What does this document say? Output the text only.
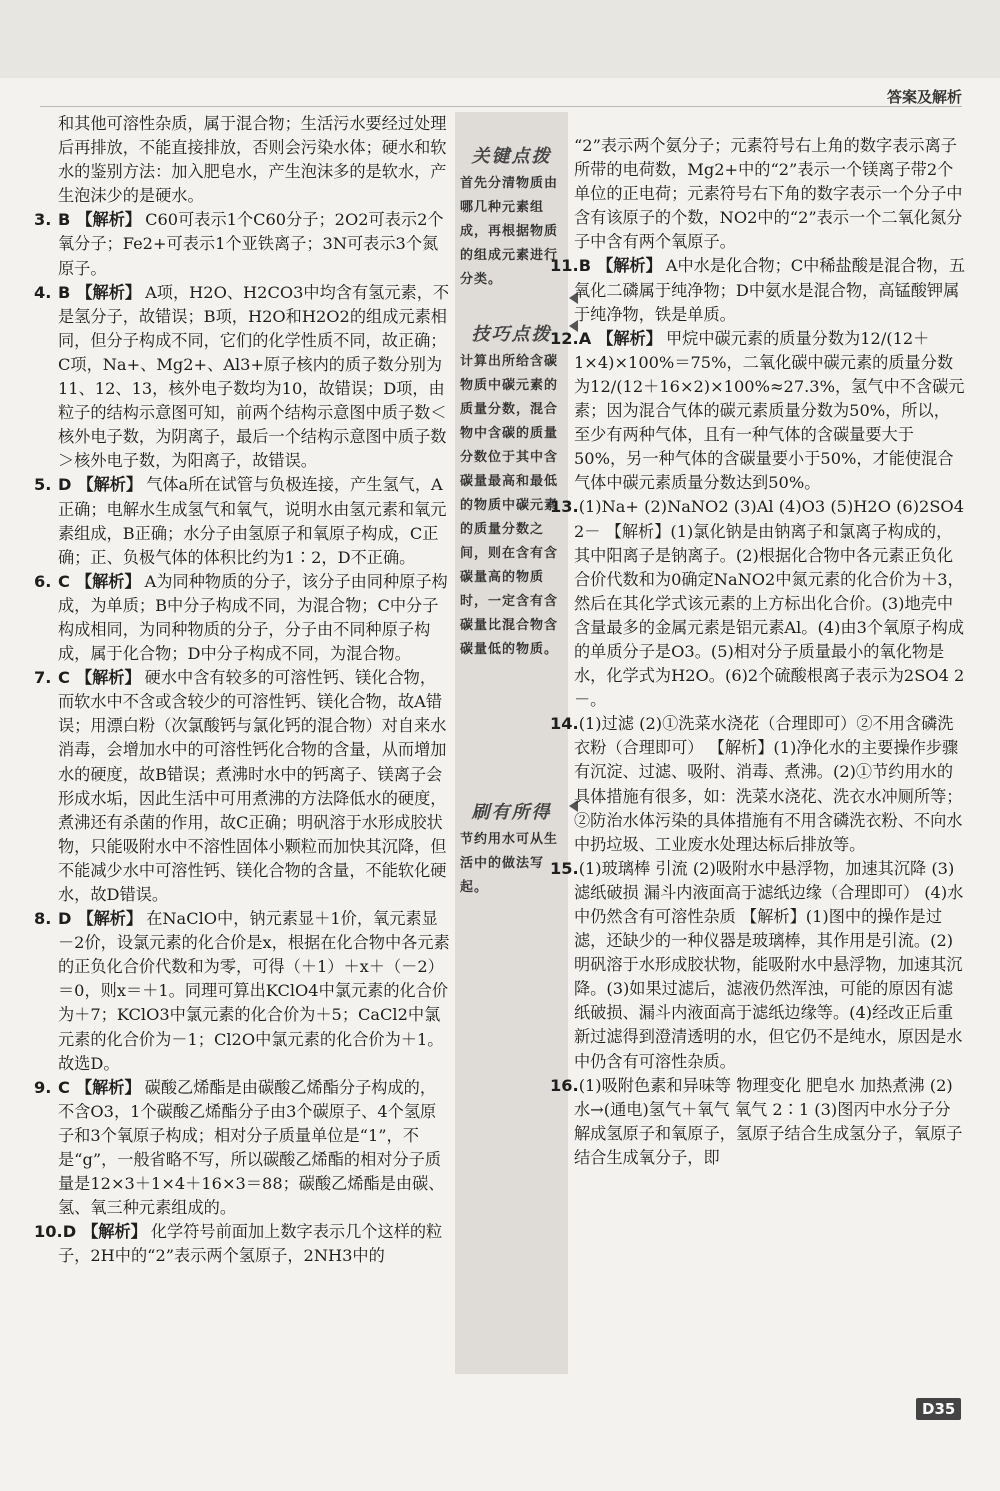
答案及解析

和其他可溶性杂质，属于混合物；生活污水要经过处理后再排放，不能直接排放，否则会污染水体；硬水和软水的鉴别方法：加入肥皂水，产生泡沫多的是软水，产生泡沫少的是硬水。

3. B 【解析】 C60可表示1个C60分子；2O2可表示2个氧分子；Fe2+可表示1个亚铁离子；3N可表示3个氮原子。

4. B 【解析】 A项，H2O、H2CO3中均含有氢元素，不是氢分子，故错误；B项，H2O和H2O2的组成元素相同，但分子构成不同，它们的化学性质不同，故正确；C项，Na+、Mg2+、Al3+原子核内的质子数分别为11、12、13，核外电子数均为10，故错误；D项，由粒子的结构示意图可知，前两个结构示意图中质子数＜核外电子数，为阴离子，最后一个结构示意图中质子数＞核外电子数，为阳离子，故错误。

5. D 【解析】 气体a所在试管与负极连接，产生氢气，A正确；电解水生成氢气和氧气，说明水由氢元素和氧元素组成，B正确；水分子由氢原子和氧原子构成，C正确；正、负极气体的体积比约为1∶2，D不正确。

6. C 【解析】 A为同种物质的分子，该分子由同种原子构成，为单质；B中分子构成不同，为混合物；C中分子构成相同，为同种物质的分子，分子由不同种原子构成，属于化合物；D中分子构成不同，为混合物。

7. C 【解析】 硬水中含有较多的可溶性钙、镁化合物，而软水中不含或含较少的可溶性钙、镁化合物，故A错误；用漂白粉（次氯酸钙与氯化钙的混合物）对自来水消毒，会增加水中的可溶性钙化合物的含量，从而增加水的硬度，故B错误；煮沸时水中的钙离子、镁离子会形成水垢，因此生活中可用煮沸的方法降低水的硬度，煮沸还有杀菌的作用，故C正确；明矾溶于水形成胶状物，只能吸附水中不溶性固体小颗粒而加快其沉降，但不能减少水中可溶性钙、镁化合物的含量，不能软化硬水，故D错误。

8. D 【解析】 在NaClO中，钠元素显＋1价，氧元素显－2价，设氯元素的化合价是x，根据在化合物中各元素的正负化合价代数和为零，可得（＋1）＋x＋（－2）＝0，则x＝＋1。同理可算出KClO4中氯元素的化合价为＋7；KClO3中氯元素的化合价为＋5；CaCl2中氯元素的化合价为－1；Cl2O中氯元素的化合价为＋1。故选D。

9. C 【解析】 碳酸乙烯酯是由碳酸乙烯酯分子构成的，不含O3，1个碳酸乙烯酯分子由3个碳原子、4个氢原子和3个氧原子构成；相对分子质量单位是“1”，不是“g”，一般省略不写，所以碳酸乙烯酯的相对分子质量是12×3＋1×4＋16×3＝88；碳酸乙烯酯是由碳、氢、氧三种元素组成的。

10.D 【解析】 化学符号前面加上数字表示几个这样的粒子，2H中的“2”表示两个氢原子，2NH3中的

关键点拨
首先分清物质由哪几种元素组成，再根据物质的组成元素进行分类。
技巧点拨
计算出所给含碳物质中碳元素的质量分数，混合物中含碳的质量分数位于其中含碳量最高和最低的物质中碳元素的质量分数之间，则在含有含碳量高的物质时，一定含有含碳量比混合物含碳量低的物质。
刷有所得
节约用水可从生活中的做法写起。

“2”表示两个氨分子；元素符号右上角的数字表示离子所带的电荷数，Mg2+中的“2”表示一个镁离子带2个单位的正电荷；元素符号右下角的数字表示一个分子中含有该原子的个数，NO2中的“2”表示一个二氧化氮分子中含有两个氧原子。

11.B 【解析】 A中水是化合物；C中稀盐酸是混合物，五氧化二磷属于纯净物；D中氨水是混合物，高锰酸钾属于纯净物，铁是单质。

12.A 【解析】 甲烷中碳元素的质量分数为12/(12＋1×4)×100%＝75%，二氧化碳中碳元素的质量分数为12/(12＋16×2)×100%≈27.3%，氢气中不含碳元素；因为混合气体的碳元素质量分数为50%，所以，至少有两种气体，且有一种气体的含碳量要大于50%，另一种气体的含碳量要小于50%，才能使混合气体中碳元素质量分数达到50%。

13.(1)Na+ (2)NaNO2 (3)Al (4)O3 (5)H2O (6)2SO4 2－ 【解析】(1)氯化钠是由钠离子和氯离子构成的，其中阳离子是钠离子。(2)根据化合物中各元素正负化合价代数和为0确定NaNO2中氮元素的化合价为＋3，然后在其化学式该元素的上方标出化合价。(3)地壳中含量最多的金属元素是铝元素Al。(4)由3个氧原子构成的单质分子是O3。(5)相对分子质量最小的氧化物是水，化学式为H2O。(6)2个硫酸根离子表示为2SO4 2－。

14.(1)过滤 (2)①洗菜水浇花（合理即可）②不用含磷洗衣粉（合理即可） 【解析】(1)净化水的主要操作步骤有沉淀、过滤、吸附、消毒、煮沸。(2)①节约用水的具体措施有很多，如：洗菜水浇花、洗衣水冲厕所等；②防治水体污染的具体措施有不用含磷洗衣粉、不向水中扔垃圾、工业废水处理达标后排放等。

15.(1)玻璃棒 引流 (2)吸附水中悬浮物，加速其沉降 (3)滤纸破损 漏斗内液面高于滤纸边缘（合理即可） (4)水中仍然含有可溶性杂质 【解析】(1)图中的操作是过滤，还缺少的一种仪器是玻璃棒，其作用是引流。(2)明矾溶于水形成胶状物，能吸附水中悬浮物，加速其沉降。(3)如果过滤后，滤液仍然浑浊，可能的原因有滤纸破损、漏斗内液面高于滤纸边缘等。(4)经改正后重新过滤得到澄清透明的水，但它仍不是纯水，原因是水中仍含有可溶性杂质。

16.(1)吸附色素和异味等 物理变化 肥皂水 加热煮沸 (2)水→(通电)氢气＋氧气 氧气 2∶1 (3)图丙中水分子分解成氢原子和氧原子，氢原子结合生成氢分子，氧原子结合生成氧分子，即

D35
